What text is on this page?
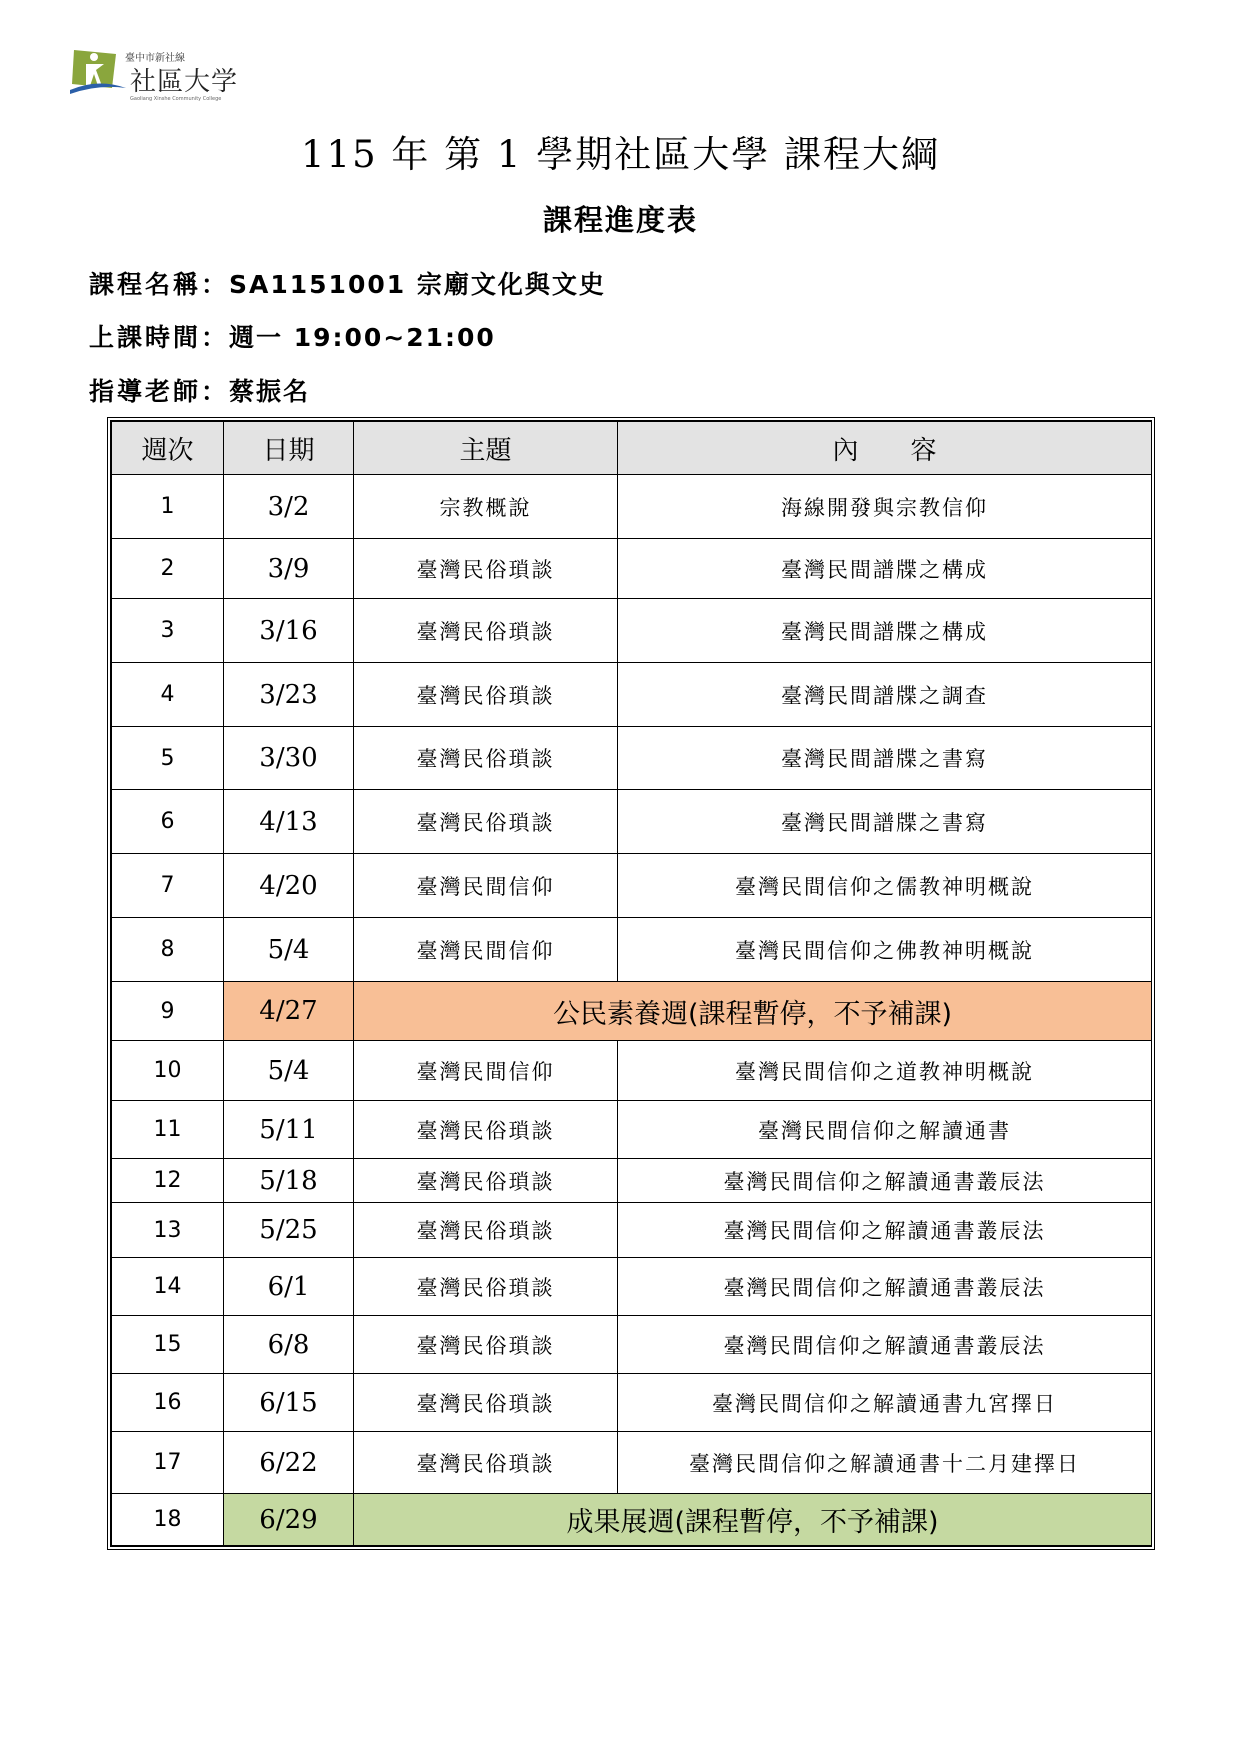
臺中市新社線
社區大学
Gaoliang Xinshe Community College
115 年 第 1 學期社區大學 課程大綱
課程進度表
課程名稱：SA1151001 宗廟文化與文史
上課時間：週一 19:00~21:00
指導老師：蔡振名
週次	日期	主題	內　　容
1	3/2	宗教概說	海線開發與宗教信仰
2	3/9	臺灣民俗瑣談	臺灣民間譜牒之構成
3	3/16	臺灣民俗瑣談	臺灣民間譜牒之構成
4	3/23	臺灣民俗瑣談	臺灣民間譜牒之調查
5	3/30	臺灣民俗瑣談	臺灣民間譜牒之書寫
6	4/13	臺灣民俗瑣談	臺灣民間譜牒之書寫
7	4/20	臺灣民間信仰	臺灣民間信仰之儒教神明概說
8	5/4	臺灣民間信仰	臺灣民間信仰之佛教神明概說
9	4/27	公民素養週(課程暫停，不予補課)	
10	5/4	臺灣民間信仰	臺灣民間信仰之道教神明概說
11	5/11	臺灣民俗瑣談	臺灣民間信仰之解讀通書
12	5/18	臺灣民俗瑣談	臺灣民間信仰之解讀通書叢辰法
13	5/25	臺灣民俗瑣談	臺灣民間信仰之解讀通書叢辰法
14	6/1	臺灣民俗瑣談	臺灣民間信仰之解讀通書叢辰法
15	6/8	臺灣民俗瑣談	臺灣民間信仰之解讀通書叢辰法
16	6/15	臺灣民俗瑣談	臺灣民間信仰之解讀通書九宮擇日
17	6/22	臺灣民俗瑣談	臺灣民間信仰之解讀通書十二月建擇日
18	6/29	成果展週(課程暫停，不予補課)	
